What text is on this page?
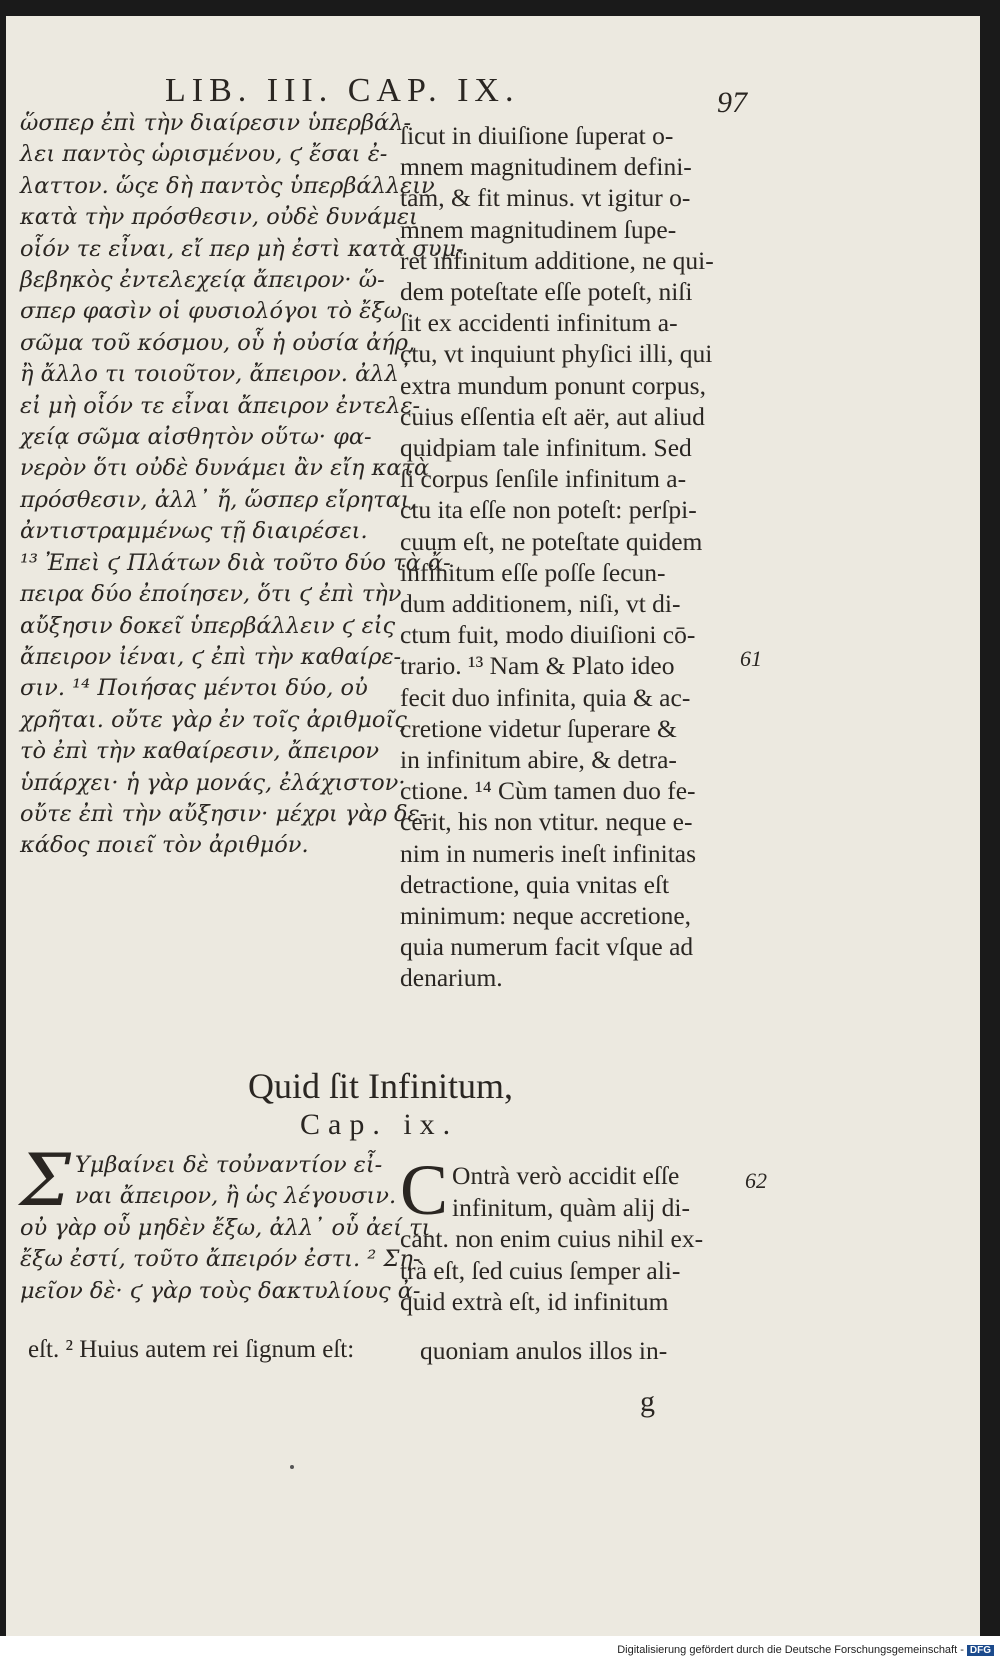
LIB. III. CAP. IX.	97
ὥσπερ ἐπὶ τὴν διαίρεσιν ὑπερβάλ-
λει παντὸς ὡρισμένου, ϛ ἔσαι ἐ-
λαττον. ὥςε δὴ παντὸς ὑπερβάλλειν
κατὰ τὴν πρόσθεσιν, οὐδὲ δυνάμει
οἷόν τε εἶναι, εἴ περ μὴ ἐστὶ κατὰ συμ-
βεβηκὸς ἐντελεχείᾳ ἄπειρον· ὥ-
σπερ φασὶν οἱ φυσιολόγοι τὸ ἔξω
σῶμα τοῦ κόσμου, οὗ ἡ οὐσία ἀήρ,
ἢ ἄλλο τι τοιοῦτον, ἄπειρον. ἀλλ᾽
εἰ μὴ οἷόν τε εἶναι ἄπειρον ἐντελε-
χείᾳ σῶμα αἰσθητὸν οὕτω· φα-
νερὸν ὅτι οὐδὲ δυνάμει ἂν εἴη κατὰ
πρόσθεσιν, ἀλλ᾽ ἤ, ὥσπερ εἴρηται,
ἀντιστραμμένως τῇ διαιρέσει.
¹³ Ἐπεὶ ϛ Πλάτων διὰ τοῦτο δύο τὰ ἄ-
πειρα δύο ἐποίησεν, ὅτι ϛ ἐπὶ τὴν
αὔξησιν δοκεῖ ὑπερβάλλειν ϛ εἰς
ἄπειρον ἰέναι, ϛ ἐπὶ τὴν καθαίρε-
σιν. ¹⁴ Ποιήσας μέντοι δύο, οὐ
χρῆται. οὔτε γὰρ ἐν τοῖς ἀριθμοῖς
τὸ ἐπὶ τὴν καθαίρεσιν, ἄπειρον
ὑπάρχει· ἡ γὰρ μονάς, ἐλάχιστον·
οὔτε ἐπὶ τὴν αὔξησιν· μέχρι γὰρ δε-
κάδος ποιεῖ τὸν ἀριθμόν.
ſicut in diuiſione ſuperat o-
mnem magnitudinem defini-
tam, & fit minus. vt igitur o-
mnem magnitudinem ſupe-
ret infinitum additione, ne qui-
dem poteſtate eſſe poteſt, niſi
ſit ex accidenti infinitum a-
ctu, vt inquiunt phyſici illi, qui
extra mundum ponunt corpus,
cuius eſſentia eſt aër, aut aliud
quidpiam tale infinitum. Sed
ſi corpus ſenſile infinitum a-
ctu ita eſſe non poteſt: perſpi-
cuum eſt, ne poteſtate quidem
infinitum eſſe poſſe ſecun-
dum additionem, niſi, vt di-
ctum fuit, modo diuiſioni cō-
trario. ¹³ Nam & Plato ideo
fecit duo infinita, quia & ac-
cretione videtur ſuperare &
in infinitum abire, & detra-
ctione. ¹⁴ Cùm tamen duo fe-
cerit, his non vtitur. neque e-
nim in numeris ineſt infinitas
detractione, quia vnitas eſt
minimum: neque accretione,
quia numerum facit vſque ad
denarium.
61
Quid ſit Infinitum,
Cap. ix.
Σ Υμβαίνει δὲ τοὐναντίον εἶ-
ναι ἄπειρον, ἢ ὡς λέγουσιν.
οὐ γὰρ οὗ μηδὲν ἔξω, ἀλλ᾽ οὗ ἀεί τι
ἔξω ἐστί, τοῦτο ἄπειρόν ἐστι. ² Ση-
μεῖον δὲ· ϛ γὰρ τοὺς δακτυλίους ἀ-
C Ontrà verò accidit eſſe
infinitum, quàm alij di-
cant. non enim cuius nihil ex-
trà eſt, ſed cuius ſemper ali-
quid extrà eſt, id infinitum
62
eſt. ² Huius autem rei ſignum eſt:	quoniam anulos illos in-
g
Digitalisierung gefördert durch die Deutsche Forschungsgemeinschaft - DFG
